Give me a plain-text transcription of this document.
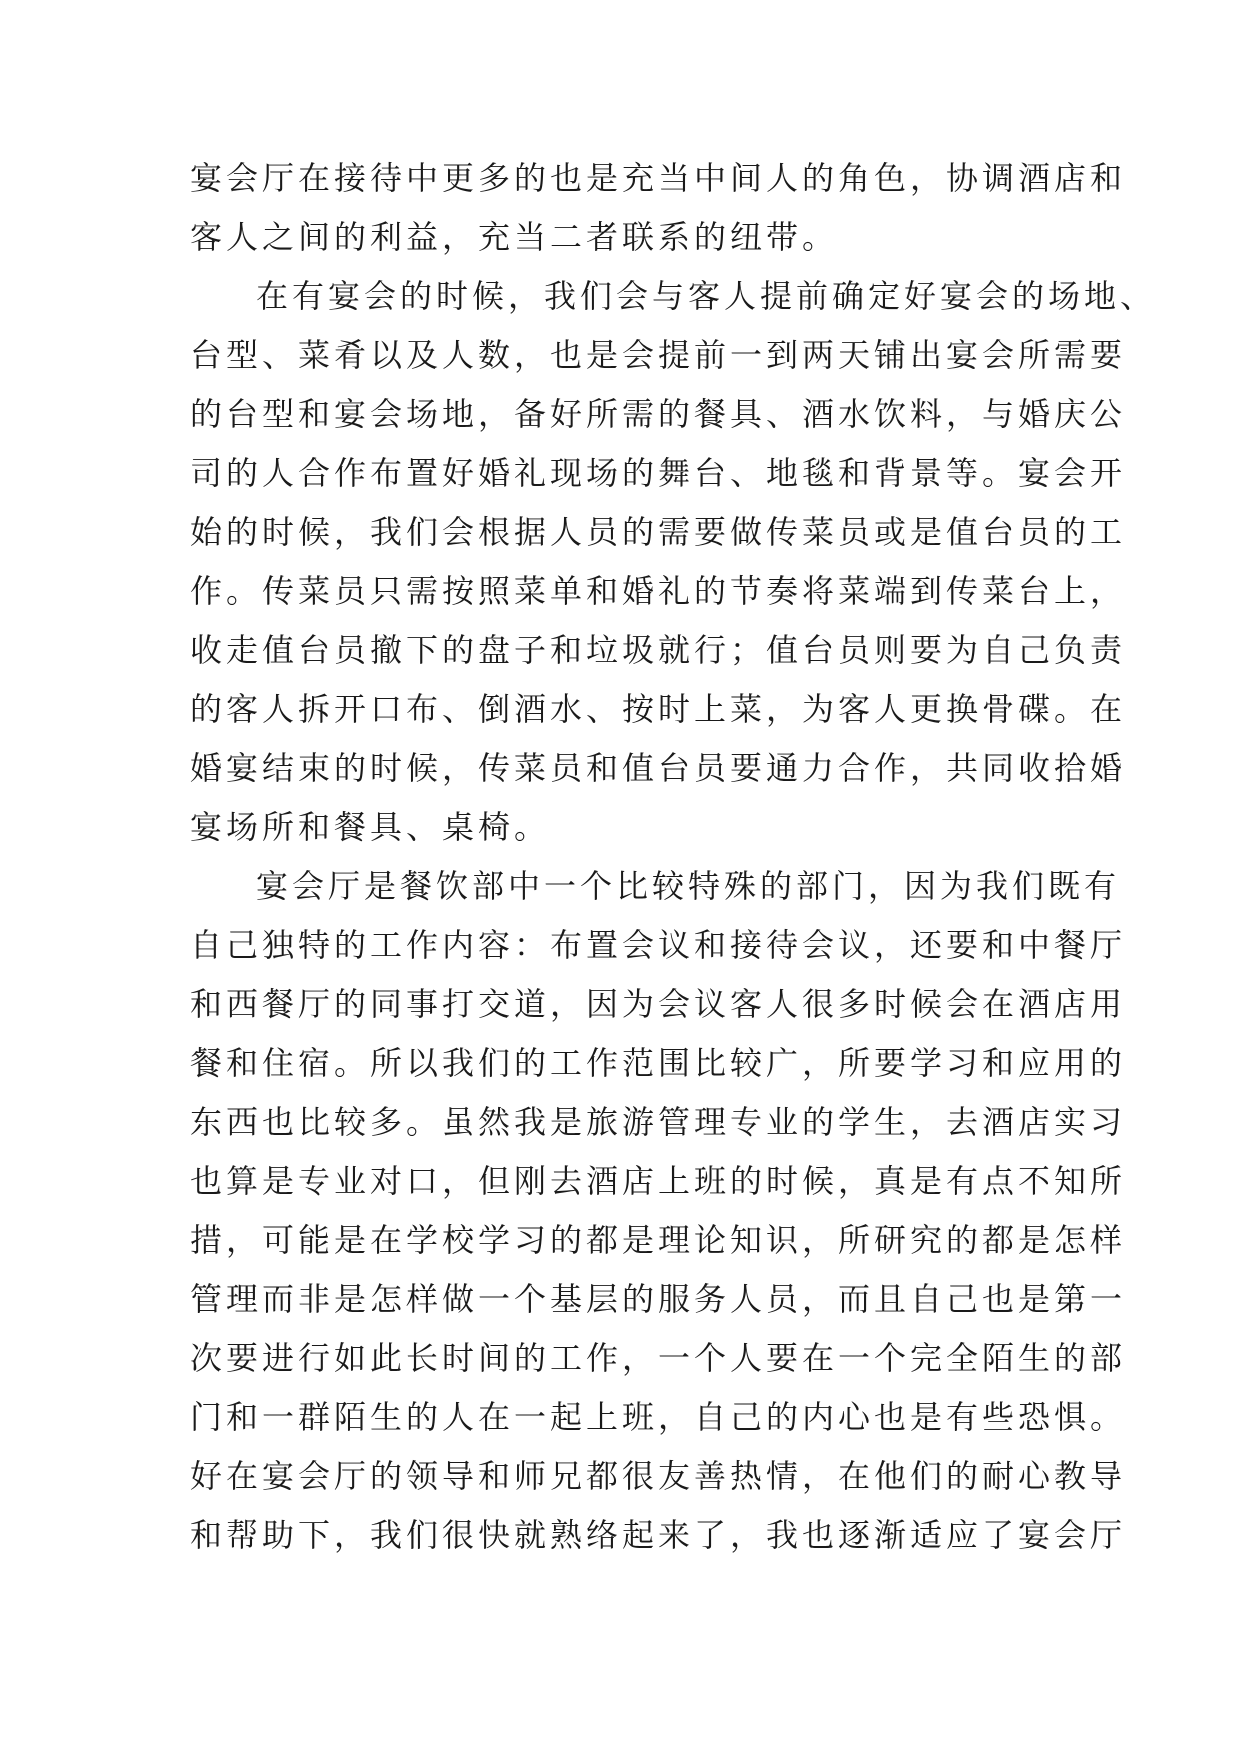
宴会厅在接待中更多的也是充当中间人的角色，协调酒店和
客人之间的利益，充当二者联系的纽带。
在有宴会的时候，我们会与客人提前确定好宴会的场地、
台型、菜肴以及人数，也是会提前一到两天铺出宴会所需要
的台型和宴会场地，备好所需的餐具、酒水饮料，与婚庆公
司的人合作布置好婚礼现场的舞台、地毯和背景等。宴会开
始的时候，我们会根据人员的需要做传菜员或是值台员的工
作。传菜员只需按照菜单和婚礼的节奏将菜端到传菜台上，
收走值台员撤下的盘子和垃圾就行；值台员则要为自己负责
的客人拆开口布、倒酒水、按时上菜，为客人更换骨碟。在
婚宴结束的时候，传菜员和值台员要通力合作，共同收拾婚
宴场所和餐具、桌椅。
宴会厅是餐饮部中一个比较特殊的部门，因为我们既有
自己独特的工作内容：布置会议和接待会议，还要和中餐厅
和西餐厅的同事打交道，因为会议客人很多时候会在酒店用
餐和住宿。所以我们的工作范围比较广，所要学习和应用的
东西也比较多。虽然我是旅游管理专业的学生，去酒店实习
也算是专业对口，但刚去酒店上班的时候，真是有点不知所
措，可能是在学校学习的都是理论知识，所研究的都是怎样
管理而非是怎样做一个基层的服务人员，而且自己也是第一
次要进行如此长时间的工作，一个人要在一个完全陌生的部
门和一群陌生的人在一起上班，自己的内心也是有些恐惧。
好在宴会厅的领导和师兄都很友善热情，在他们的耐心教导
和帮助下，我们很快就熟络起来了，我也逐渐适应了宴会厅
